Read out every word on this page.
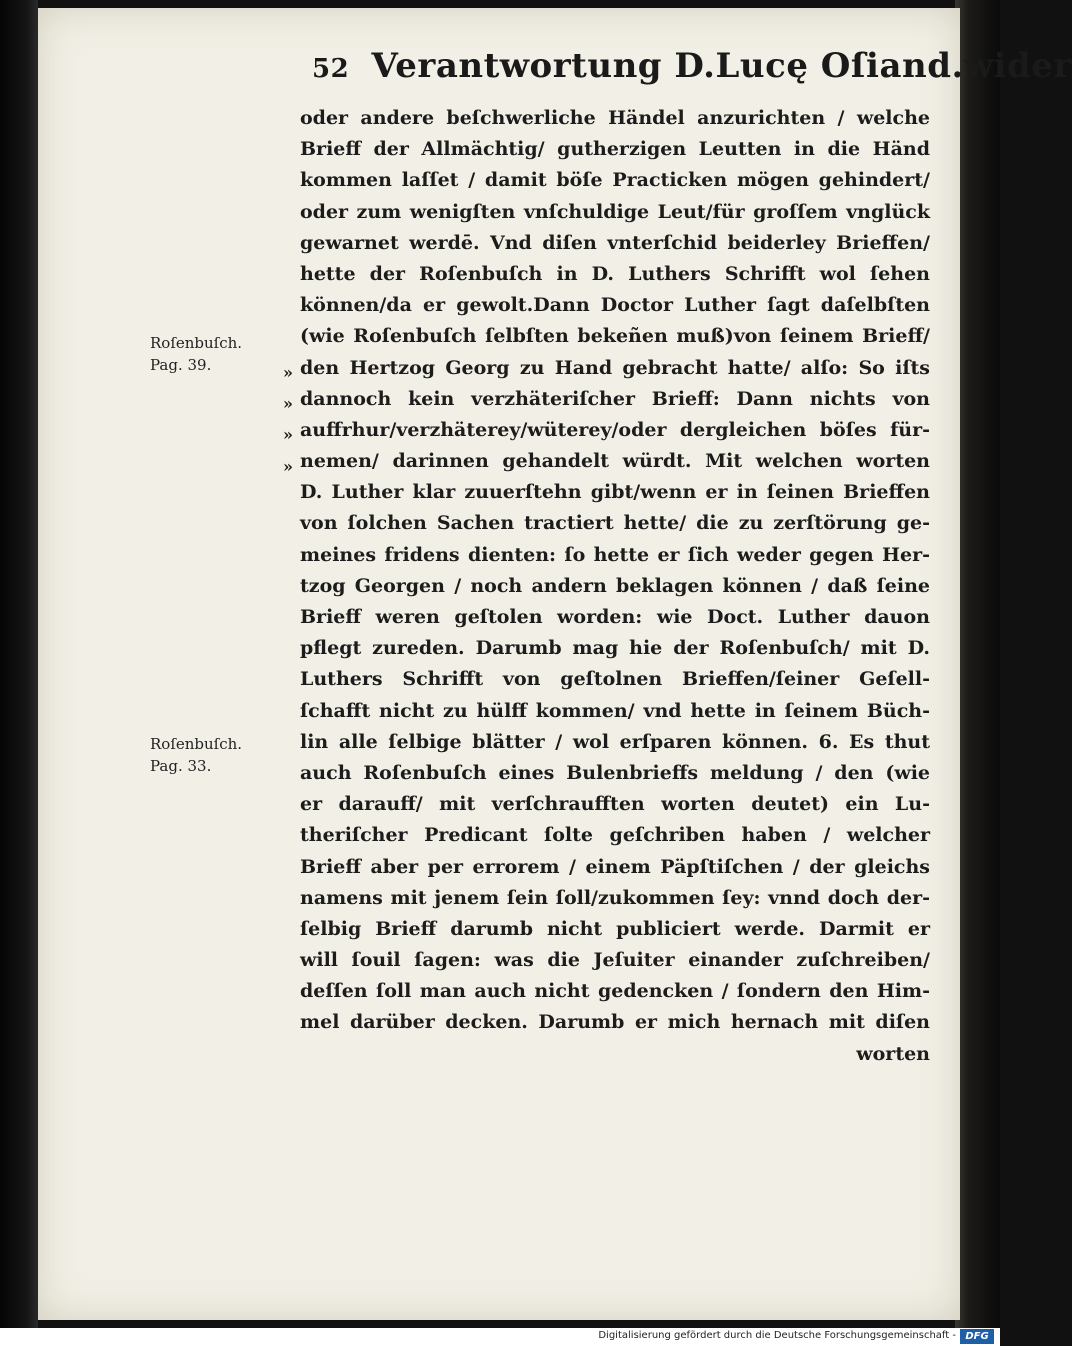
52 Verantwortung D.Lucę Oſiand.wider
Roſenbuſch.
Pag. 39.
Roſenbuſch.
Pag. 33.
»
»
»
»
oder andere beſchwerliche Händel anzurichten / welche
Brieff der Allmächtig/ gutherzigen Leutten in die Händ
kommen laſſet / damit böſe Practicken mögen gehindert/
oder zum wenigſten vnſchuldige Leut/für groſſem vnglück
gewarnet werdē. Vnd diſen vnterſchid beiderley Brieffen/
hette der Roſenbuſch in D. Luthers Schrifft wol ſehen
können/da er gewolt.Dann Doctor Luther ſagt daſelbſten
(wie Roſenbuſch ſelbſten bekeñen muß)von ſeinem Brieff/
den Hertzog Georg zu Hand gebracht hatte/ alſo: So iſts
dannoch kein verzhäteriſcher Brieff: Dann nichts von
auffrhur/verzhäterey/wüterey/oder dergleichen böſes für-
nemen/ darinnen gehandelt würdt. Mit welchen worten
D. Luther klar zuuerſtehn gibt/wenn er in ſeinen Brieffen
von ſolchen Sachen tractiert hette/ die zu zerſtörung ge-
meines fridens dienten: ſo hette er ſich weder gegen Her-
tzog Georgen / noch andern beklagen können / daß ſeine
Brieff weren geſtolen worden: wie Doct. Luther dauon
pflegt zureden. Darumb mag hie der Roſenbuſch/ mit D.
Luthers Schrifft von geſtolnen Brieffen/ſeiner Geſell-
ſchafft nicht zu hülff kommen/ vnd hette in ſeinem Büch-
lin alle ſelbige blätter / wol erſparen können. 6. Es thut
auch Roſenbuſch eines Bulenbrieffs meldung / den (wie
er darauff/ mit verſchraufften worten deutet) ein Lu-
theriſcher Predicant ſolte geſchriben haben / welcher
Brieff aber per errorem / einem Päpſtiſchen / der gleichs
namens mit jenem ſein ſoll/zukommen ſey: vnnd doch der-
ſelbig Brieff darumb nicht publiciert werde. Darmit er
will ſouil ſagen: was die Jeſuiter einander zuſchreiben/
deſſen ſoll man auch nicht gedencken / ſondern den Him-
mel darüber decken. Darumb er mich hernach mit diſen
worten
Digitalisierung gefördert durch die Deutsche Forschungsgemeinschaft - DFG
